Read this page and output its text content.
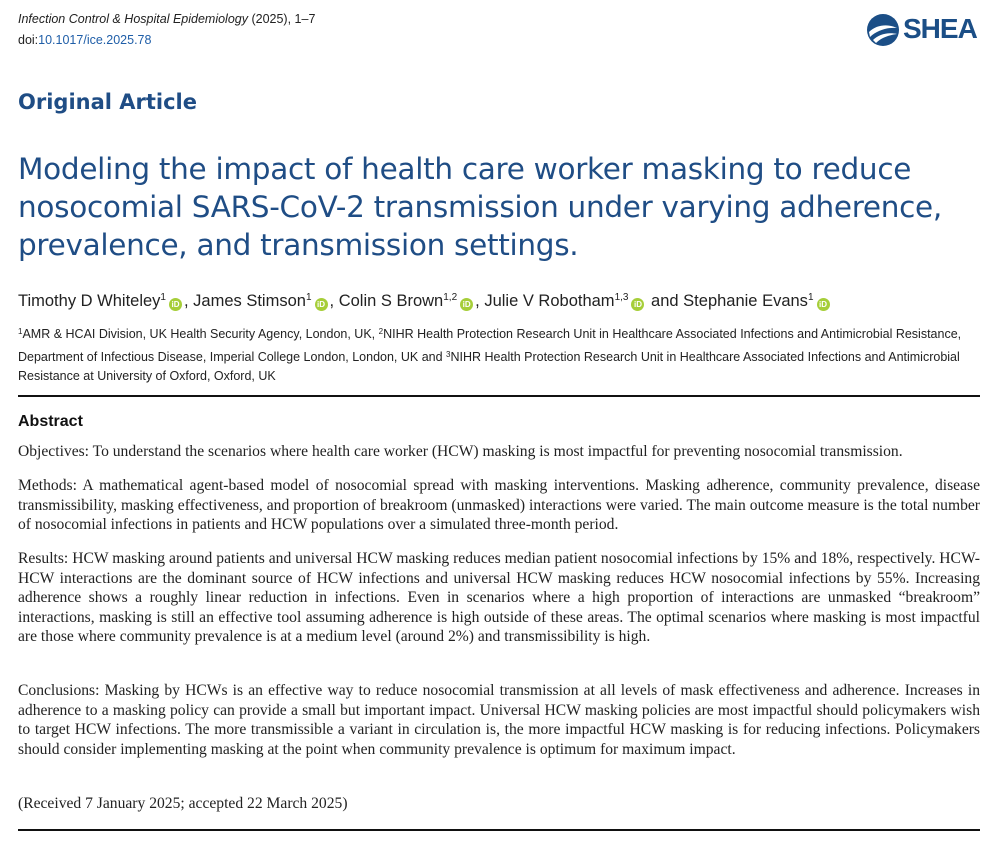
Infection Control & Hospital Epidemiology (2025), 1–7
doi:10.1017/ice.2025.78	SHEA
Original Article
Modeling the impact of health care worker masking to reduce nosocomial SARS-CoV-2 transmission under varying adherence, prevalence, and transmission settings.
Timothy D Whiteley$^1$iD , James Stimson$^1$iD , Colin S Brown$^{1,2}$iD , Julie V Robotham$^{1,3}$iD and Stephanie Evans$^1$iD
$^1$AMR & HCAI Division, UK Health Security Agency, London, UK, $^2$NIHR Health Protection Research Unit in Healthcare Associated Infections and Antimicrobial Resistance, Department of Infectious Disease, Imperial College London, London, UK and $^3$NIHR Health Protection Research Unit in Healthcare Associated Infections and Antimicrobial Resistance at University of Oxford, Oxford, UK
Abstract

Objectives: To understand the scenarios where health care worker (HCW) masking is most impactful for preventing nosocomial transmission.

Methods: A mathematical agent-based model of nosocomial spread with masking interventions. Masking adherence, community prevalence, disease transmissibility, masking effectiveness, and proportion of breakroom (unmasked) interactions were varied. The main outcome measure is the total number of nosocomial infections in patients and HCW populations over a simulated three-month period.

Results: HCW masking around patients and universal HCW masking reduces median patient nosocomial infections by 15% and 18%, respectively. HCW-HCW interactions are the dominant source of HCW infections and universal HCW masking reduces HCW nosocomial infections by 55%. Increasing adherence shows a roughly linear reduction in infections. Even in scenarios where a high proportion of interactions are unmasked “breakroom” interactions, masking is still an effective tool assuming adherence is high outside of these areas. The optimal scenarios where masking is most impactful are those where community prevalence is at a medium level (around 2%) and transmissibility is high.

Conclusions: Masking by HCWs is an effective way to reduce nosocomial transmission at all levels of mask effectiveness and adherence. Increases in adherence to a masking policy can provide a small but important impact. Universal HCW masking policies are most impactful should policymakers wish to target HCW infections. The more transmissible a variant in circulation is, the more impactful HCW masking is for reducing infections. Policymakers should consider implementing masking at the point when community prevalence is optimum for maximum impact.

(Received 7 January 2025; accepted 22 March 2025)
